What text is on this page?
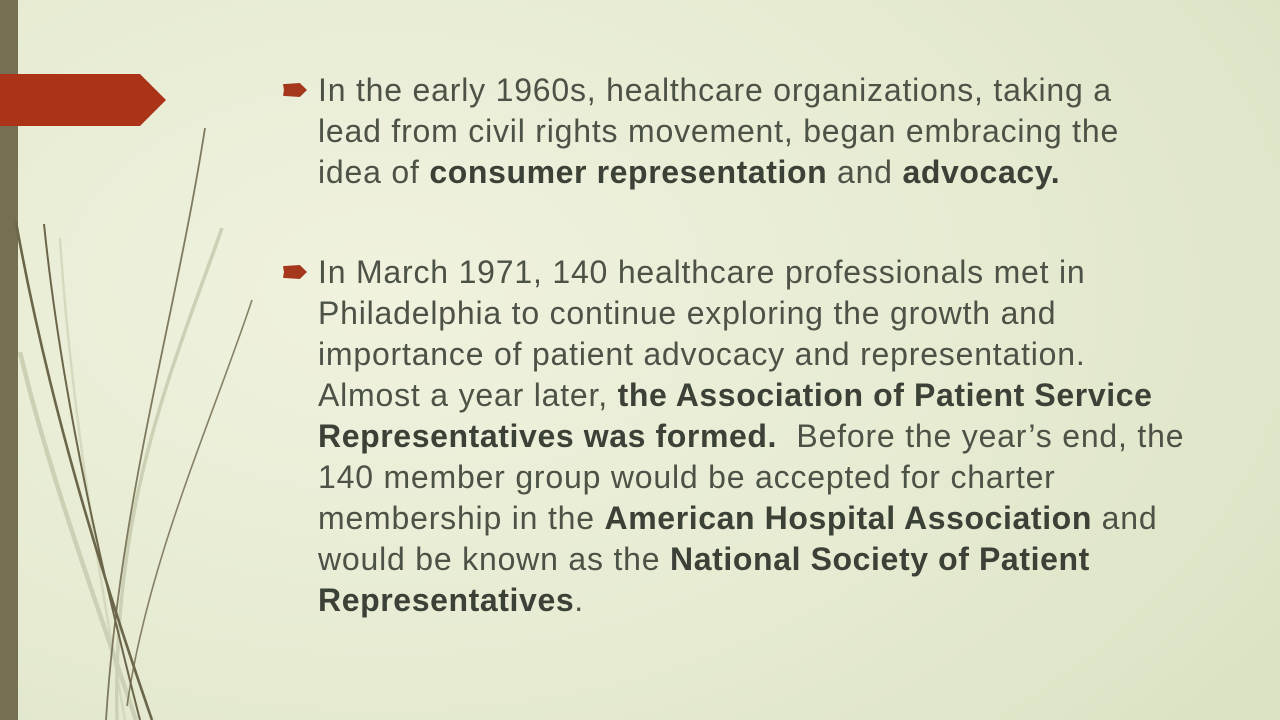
In the early 1960s, healthcare organizations, taking a
lead from civil rights movement, began embracing the
idea of consumer representation and advocacy.

In March 1971, 140 healthcare professionals met in
Philadelphia to continue exploring the growth and
importance of patient advocacy and representation.
Almost a year later, the Association of Patient Service
Representatives was formed.  Before the year’s end, the
140 member group would be accepted for charter
membership in the American Hospital Association and
would be known as the National Society of Patient
Representatives.
